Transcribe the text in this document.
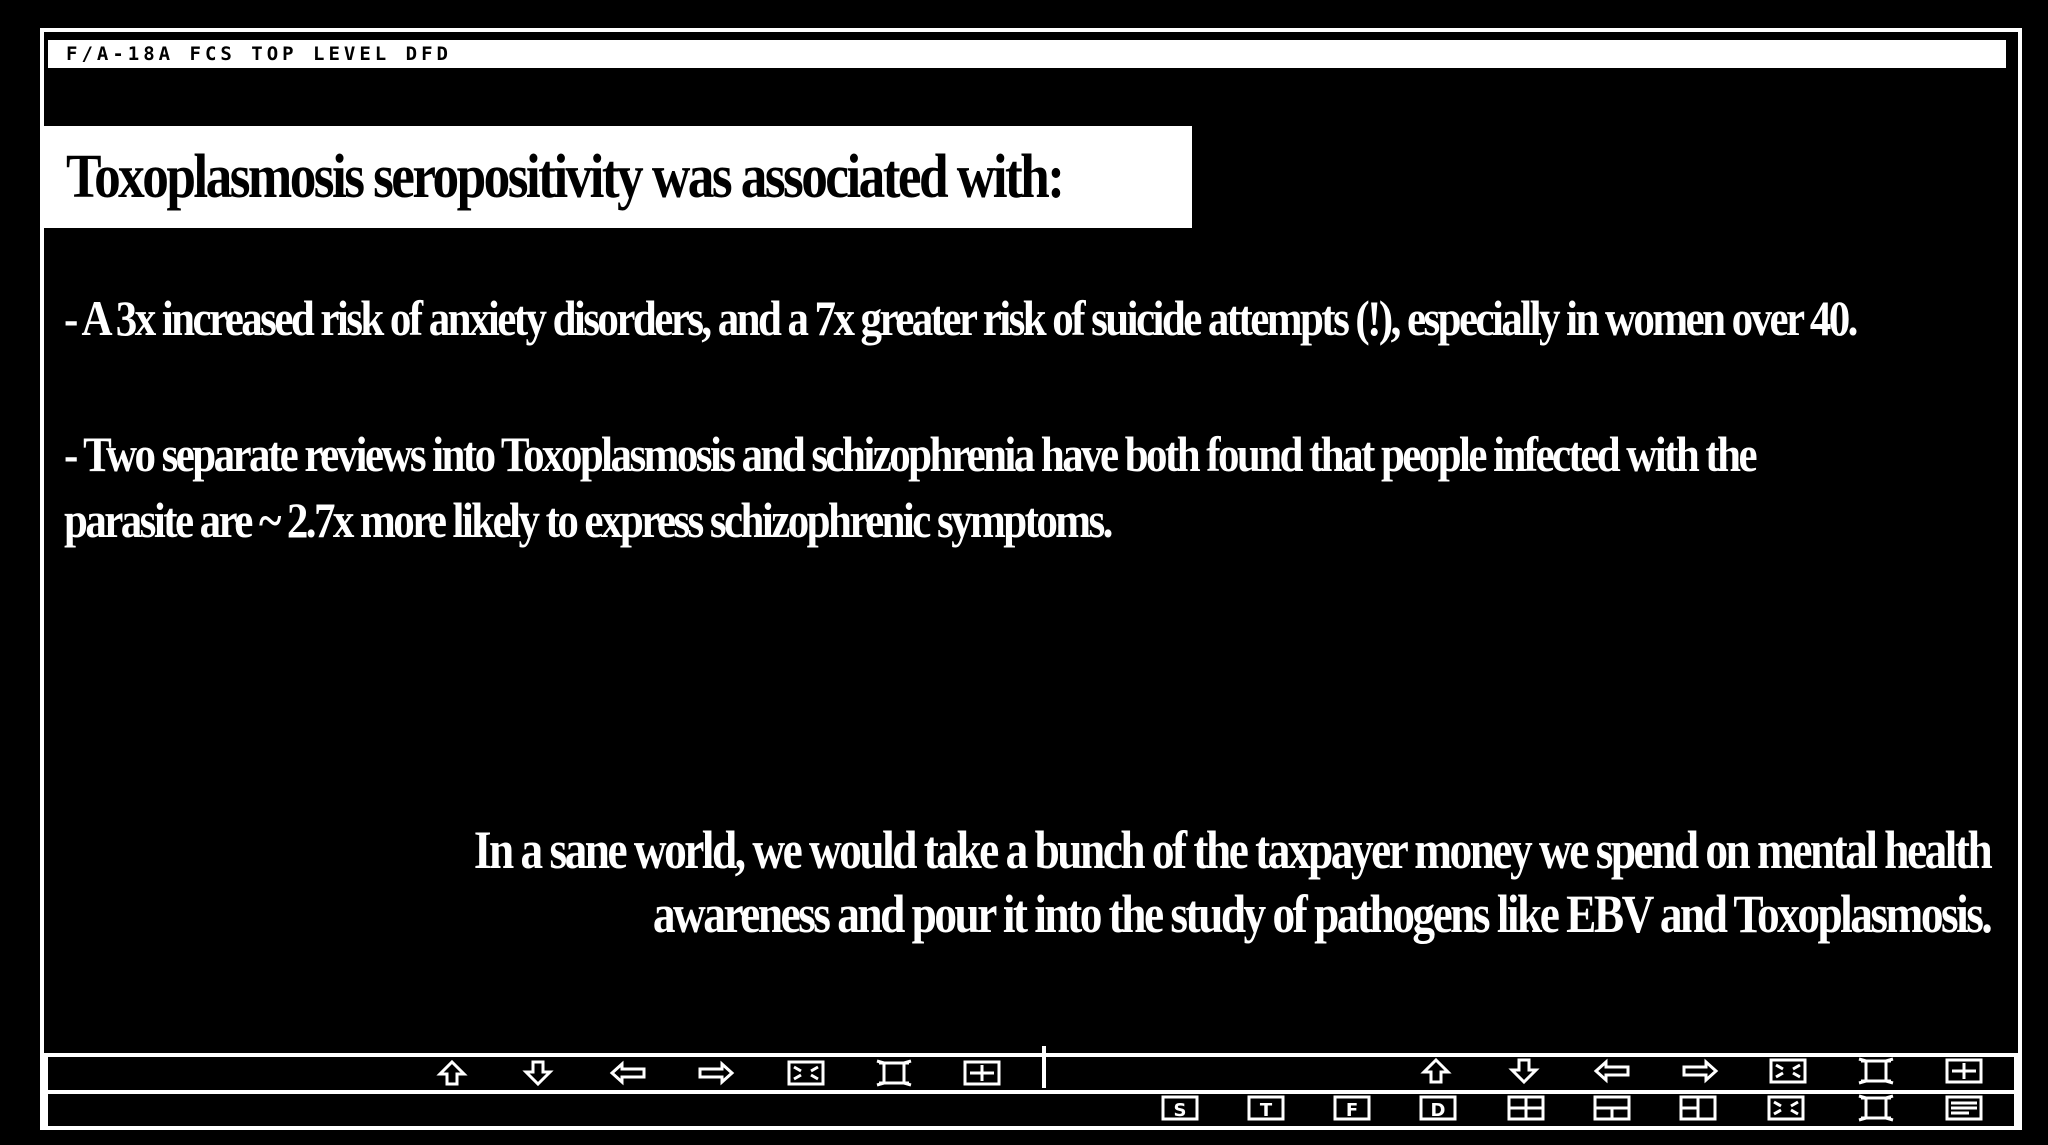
F/A-18A FCS TOP LEVEL DFD
Toxoplasmosis seropositivity was associated with:
- A 3x increased risk of anxiety disorders, and a 7x greater risk of suicide attempts (!), especially in women over 40.
- Two separate reviews into Toxoplasmosis and schizophrenia have both found that people infected with the
parasite are ~ 2.7x more likely to express schizophrenic symptoms.
In a sane world, we would take a bunch of the taxpayer money we spend on mental health
awareness and pour it into the study of pathogens like EBV and Toxoplasmosis.
S	T	F	D
